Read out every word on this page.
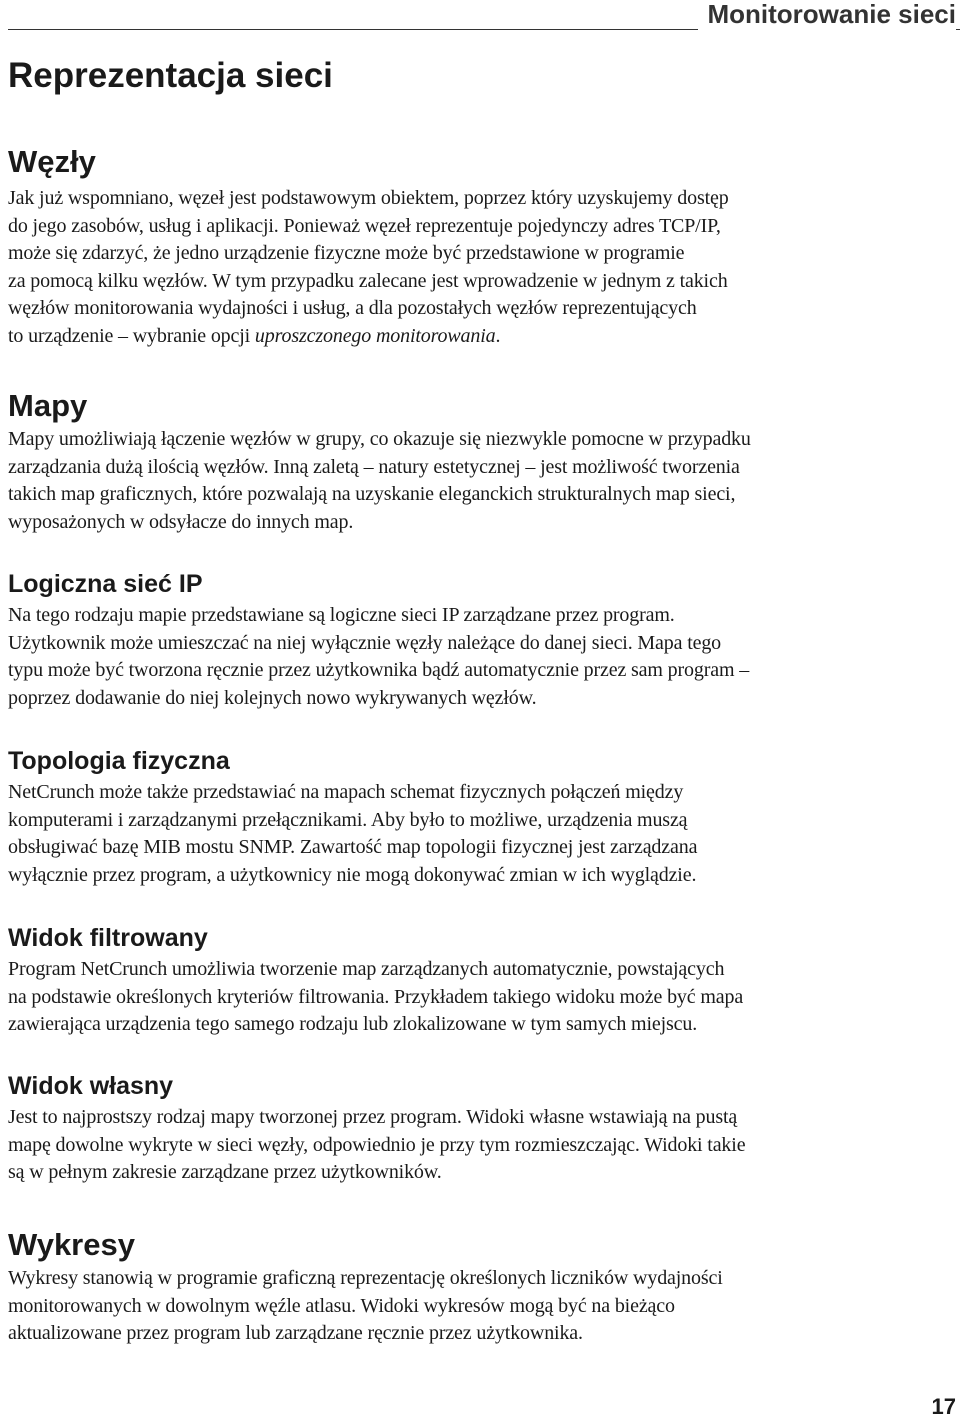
Monitorowanie sieci
Reprezentacja sieci
Węzły

Jak już wspomniano, węzeł jest podstawowym obiektem, poprzez który uzyskujemy dostęp
do jego zasobów, usług i aplikacji. Ponieważ węzeł reprezentuje pojedynczy adres TCP/IP,
może się zdarzyć, że jedno urządzenie fizyczne może być przedstawione w programie
za pomocą kilku węzłów. W tym przypadku zalecane jest wprowadzenie w jednym z takich
węzłów monitorowania wydajności i usług, a dla pozostałych węzłów reprezentujących
to urządzenie – wybranie opcji uproszczonego monitorowania.

Mapy

Mapy umożliwiają łączenie węzłów w grupy, co okazuje się niezwykle pomocne w przypadku
zarządzania dużą ilością węzłów. Inną zaletą – natury estetycznej – jest możliwość tworzenia
takich map graficznych, które pozwalają na uzyskanie eleganckich strukturalnych map sieci,
wyposażonych w odsyłacze do innych map.

Logiczna sieć IP

Na tego rodzaju mapie przedstawiane są logiczne sieci IP zarządzane przez program.
Użytkownik może umieszczać na niej wyłącznie węzły należące do danej sieci. Mapa tego
typu może być tworzona ręcznie przez użytkownika bądź automatycznie przez sam program –
poprzez dodawanie do niej kolejnych nowo wykrywanych węzłów.

Topologia fizyczna

NetCrunch może także przedstawiać na mapach schemat fizycznych połączeń między
komputerami i zarządzanymi przełącznikami. Aby było to możliwe, urządzenia muszą
obsługiwać bazę MIB mostu SNMP. Zawartość map topologii fizycznej jest zarządzana
wyłącznie przez program, a użytkownicy nie mogą dokonywać zmian w ich wyglądzie.

Widok filtrowany

Program NetCrunch umożliwia tworzenie map zarządzanych automatycznie, powstających
na podstawie określonych kryteriów filtrowania. Przykładem takiego widoku może być mapa
zawierająca urządzenia tego samego rodzaju lub zlokalizowane w tym samych miejscu.

Widok własny

Jest to najprostszy rodzaj mapy tworzonej przez program. Widoki własne wstawiają na pustą
mapę dowolne wykryte w sieci węzły, odpowiednio je przy tym rozmieszczając. Widoki takie
są w pełnym zakresie zarządzane przez użytkowników.

Wykresy

Wykresy stanowią w programie graficzną reprezentację określonych liczników wydajności
monitorowanych w dowolnym węźle atlasu. Widoki wykresów mogą być na bieżąco
aktualizowane przez program lub zarządzane ręcznie przez użytkownika.

17
